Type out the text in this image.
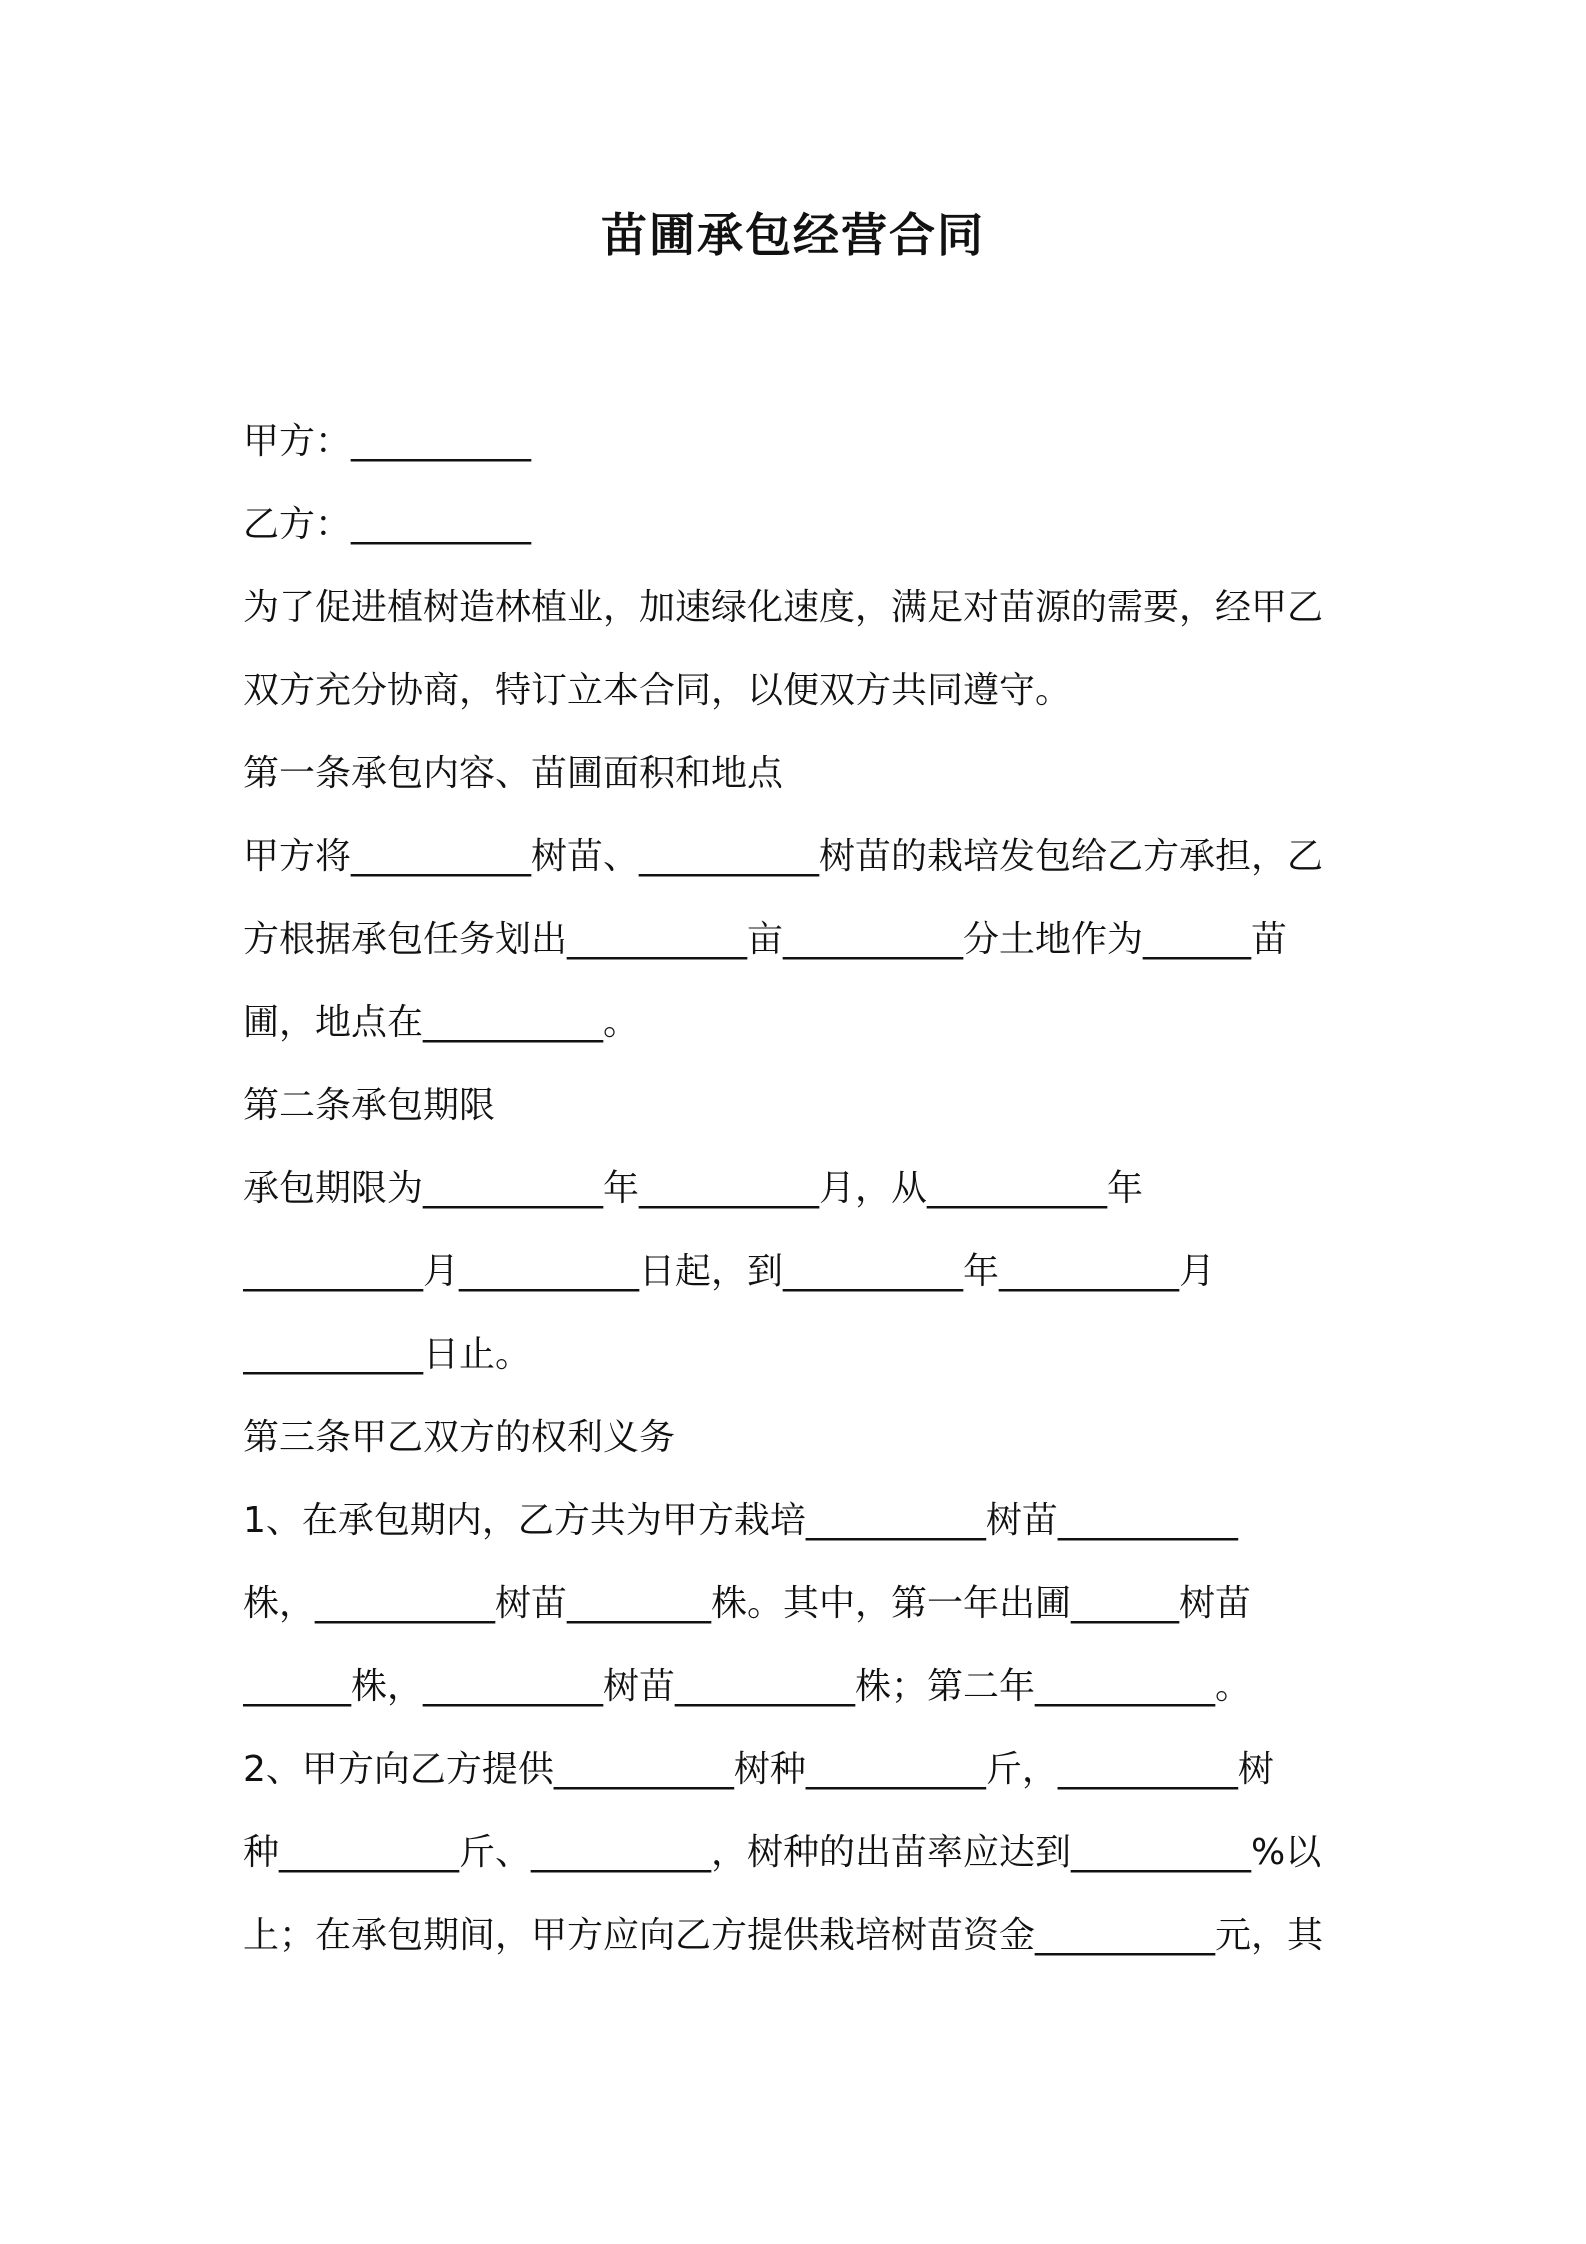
苗圃承包经营合同
甲方：__________
乙方：__________
为了促进植树造林植业，加速绿化速度，满足对苗源的需要，经甲乙
双方充分协商，特订立本合同，以便双方共同遵守。
第一条承包内容、苗圃面积和地点
甲方将__________树苗、__________树苗的栽培发包给乙方承担，乙
方根据承包任务划出__________亩__________分土地作为______苗
圃，地点在__________。
第二条承包期限
承包期限为__________年__________月，从__________年
__________月__________日起，到__________年__________月
__________日止。
第三条甲乙双方的权利义务
1、在承包期内，乙方共为甲方栽培__________树苗__________
株，__________树苗________株。其中，第一年出圃______树苗
______株，__________树苗__________株；第二年__________。
2、甲方向乙方提供__________树种__________斤，__________树
种__________斤、__________，树种的出苗率应达到__________%以
上；在承包期间，甲方应向乙方提供栽培树苗资金__________元，其
